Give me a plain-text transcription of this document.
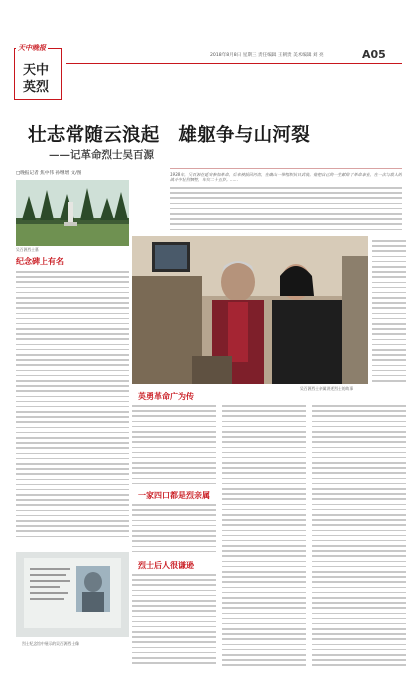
天中晚报
天中
英烈
2018年8月8日 星期三 责任编辑 王朝贵 美术编辑 刘 亮	A05
壮志常随云浪起　雄躯争与山河裂
——记革命烈士吴百源
□晚报记者 焦中伟 孙继增 文/图
吴百源烈士墓
1938年，吴百源在延安参加革命，后来被派回河南，在确山一带组织抗日武装。他把自己的一生献给了革命事业，在一次与敌人的战斗中壮烈牺牲，年仅二十五岁。……
纪念碑上有名
吴百源烈士亲属讲述烈士的故事
英勇革命广为传
一家四口都是烈亲属
烈士后人很谦逊
烈士纪念馆中展示的吴百源烈士像
